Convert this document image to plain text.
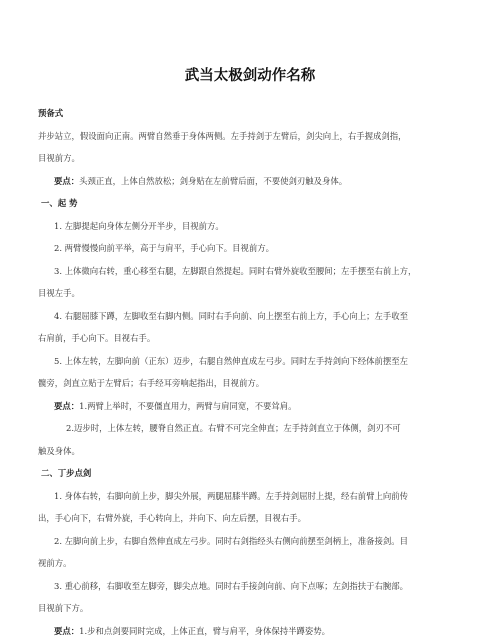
武当太极剑动作名称
预备式
并步站立，假设面向正南。两臂自然垂于身体两侧。左手持剑于左臂后，剑尖向上，右手握成剑指，
目视前方。
要点：头颈正直，上体自然放松；剑身贴在左前臂后面，不要使剑刃触及身体。
一、起 势
1. 左脚提起向身体左侧分开半步，目视前方。
2. 两臂慢慢向前平举，高于与肩平，手心向下。目视前方。
3. 上体微向右转，重心移至右腿，左脚跟自然提起。同时右臂外旋收至腰间；左手摆至右前上方，
目视左手。
4. 右腿屈膝下蹲，左脚收至右脚内侧。同时右手向前、向上摆至右前上方，手心向上；左手收至
右肩前，手心向下。目视右手。
5. 上体左转，左脚向前（正东）迈步，右腿自然伸直成左弓步。同时左手持剑向下经体前摆至左
髋旁，剑直立贴于左臂后；右手经耳旁响起指出，目视前方。
要点：1.两臂上举时，不要僵直用力，两臂与肩同宽，不要耸肩。
2.迈步时，上体左转，腰脊自然正直。右臂不可完全伸直；左手持剑直立于体侧，剑刃不可
触及身体。
二、丁步点剑
1. 身体右转，右脚向前上步，脚尖外展，两腿屈膝半蹲。左手持剑屈肘上提，经右前臂上向前传
出，手心向下，右臂外旋，手心转向上，并向下、向左后摆，目视右手。
2. 左脚向前上步，右脚自然伸直成左弓步。同时右剑指经头右侧向前摆至剑柄上，准备接剑。目
视前方。
3. 重心前移，右脚收至左脚旁，脚尖点地。同时右手接剑向前、向下点啄；左剑指扶于右腕部。
目视前下方。
要点：1.步和点剑要同时完成，上体正直，臂与肩平，身体保持半蹲姿势。
